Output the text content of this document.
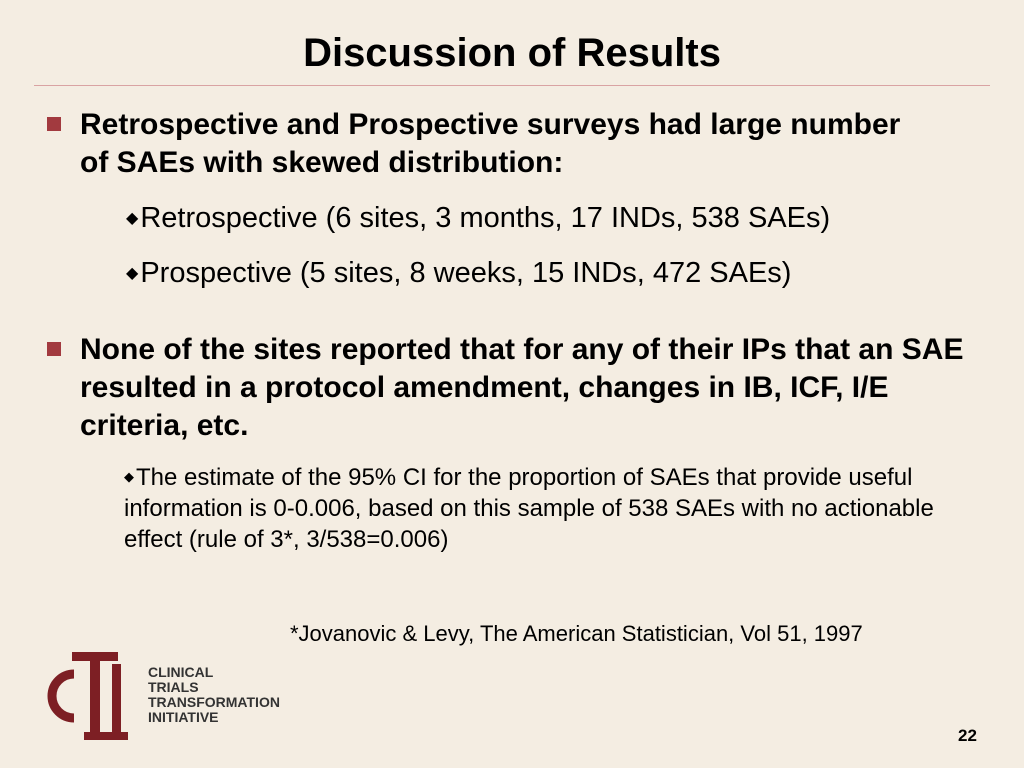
Discussion of Results
Retrospective and Prospective surveys had large number of SAEs with skewed distribution:
◆Retrospective (6 sites, 3 months, 17 INDs, 538 SAEs)
◆Prospective (5 sites, 8 weeks, 15 INDs, 472 SAEs)
None of the sites reported that for any of their IPs that an SAE resulted in a protocol amendment, changes in IB, ICF, I/E criteria, etc.
◆The estimate of the 95% CI for the proportion of SAEs that provide useful information is 0-0.006, based on this sample of 538 SAEs with no actionable effect (rule of 3*, 3/538=0.006)
*Jovanovic & Levy, The American Statistician, Vol 51, 1997
CLINICAL
TRIALS
TRANSFORMATION
INITIATIVE
22
